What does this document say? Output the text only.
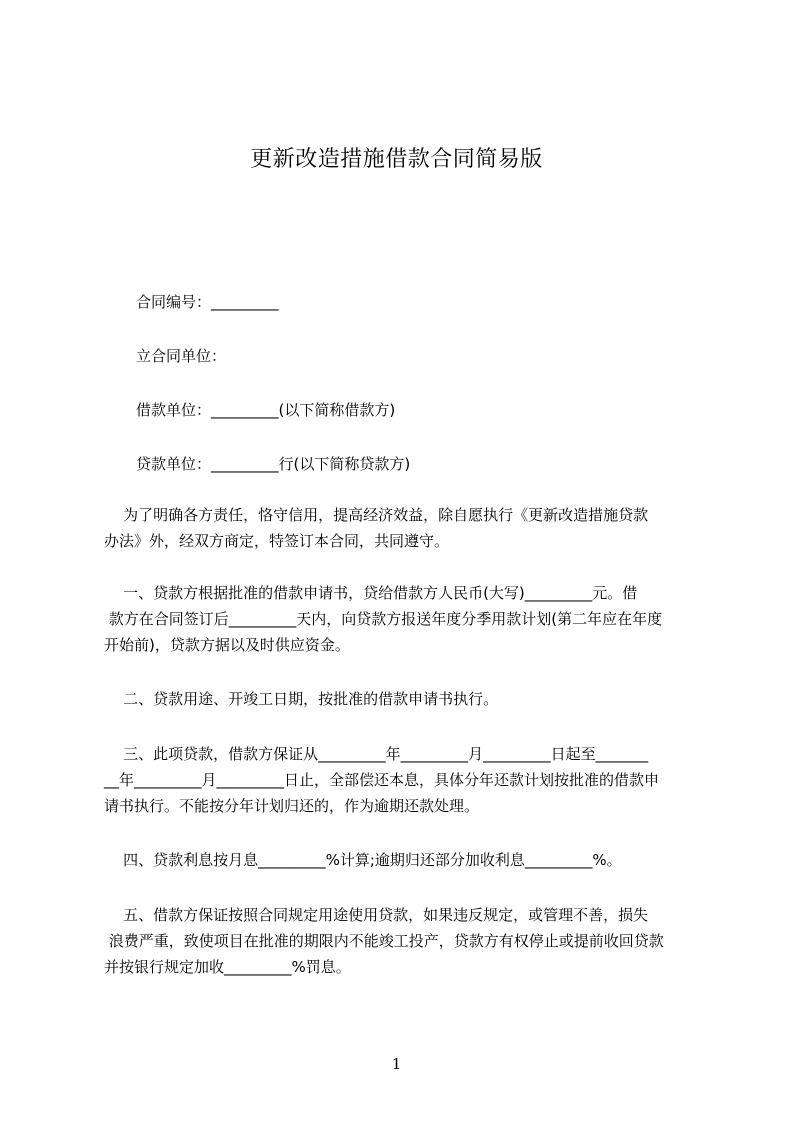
更新改造措施借款合同简易版
合同编号：_________
立合同单位：
借款单位：_________(以下简称借款方)
贷款单位：_________行(以下简称贷款方)
为了明确各方责任，恪守信用，提高经济效益，除自愿执行《更新改造措施贷款
办法》外，经双方商定，特签订本合同，共同遵守。
一、贷款方根据批准的借款申请书，贷给借款方人民币(大写)_________元。借
款方在合同签订后_________天内，向贷款方报送年度分季用款计划(第二年应在年度
开始前)，贷款方据以及时供应资金。
二、贷款用途、开竣工日期，按批准的借款申请书执行。
三、此项贷款，借款方保证从_________年_________月_________日起至_______
__年_________月_________日止，全部偿还本息，具体分年还款计划按批准的借款申
请书执行。不能按分年计划归还的，作为逾期还款处理。
四、贷款利息按月息_________%计算;逾期归还部分加收利息_________%。
五、借款方保证按照合同规定用途使用贷款，如果违反规定，或管理不善，损失
浪费严重，致使项目在批准的期限内不能竣工投产，贷款方有权停止或提前收回贷款
并按银行规定加收_________%罚息。
1
